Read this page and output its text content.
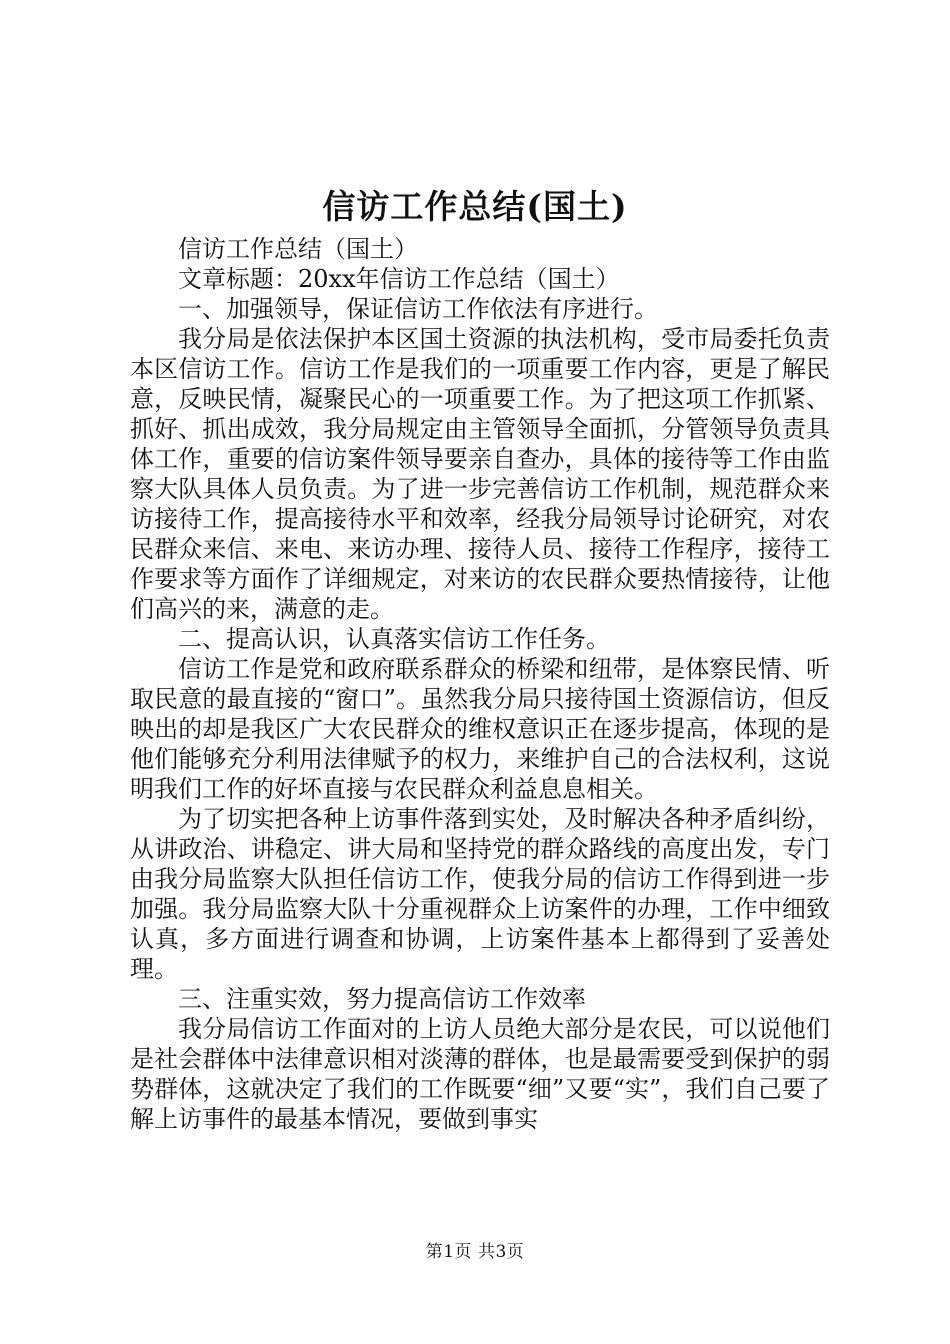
信访工作总结(国土)

信访工作总结（国土）

文章标题：20xx年信访工作总结（国土）

一、加强领导，保证信访工作依法有序进行。

我分局是依法保护本区国土资源的执法机构，受市局委托负责本区信访工作。信访工作是我们的一项重要工作内容，更是了解民意，反映民情，凝聚民心的一项重要工作。为了把这项工作抓紧、抓好、抓出成效，我分局规定由主管领导全面抓，分管领导负责具体工作，重要的信访案件领导要亲自查办，具体的接待等工作由监察大队具体人员负责。为了进一步完善信访工作机制，规范群众来访接待工作，提高接待水平和效率，经我分局领导讨论研究，对农民群众来信、来电、来访办理、接待人员、接待工作程序，接待工作要求等方面作了详细规定，对来访的农民群众要热情接待，让他们高兴的来，满意的走。

二、提高认识，认真落实信访工作任务。

信访工作是党和政府联系群众的桥梁和纽带，是体察民情、听取民意的最直接的“窗口”。虽然我分局只接待国土资源信访，但反映出的却是我区广大农民群众的维权意识正在逐步提高，体现的是他们能够充分利用法律赋予的权力，来维护自己的合法权利，这说明我们工作的好坏直接与农民群众利益息息相关。

为了切实把各种上访事件落到实处，及时解决各种矛盾纠纷，从讲政治、讲稳定、讲大局和坚持党的群众路线的高度出发，专门由我分局监察大队担任信访工作，使我分局的信访工作得到进一步加强。我分局监察大队十分重视群众上访案件的办理，工作中细致认真，多方面进行调查和协调，上访案件基本上都得到了妥善处理。

三、注重实效，努力提高信访工作效率

我分局信访工作面对的上访人员绝大部分是农民，可以说他们是社会群体中法律意识相对淡薄的群体，也是最需要受到保护的弱势群体，这就决定了我们的工作既要“细”又要“实”，我们自己要了解上访事件的最基本情况，要做到事实

第1页 共3页
